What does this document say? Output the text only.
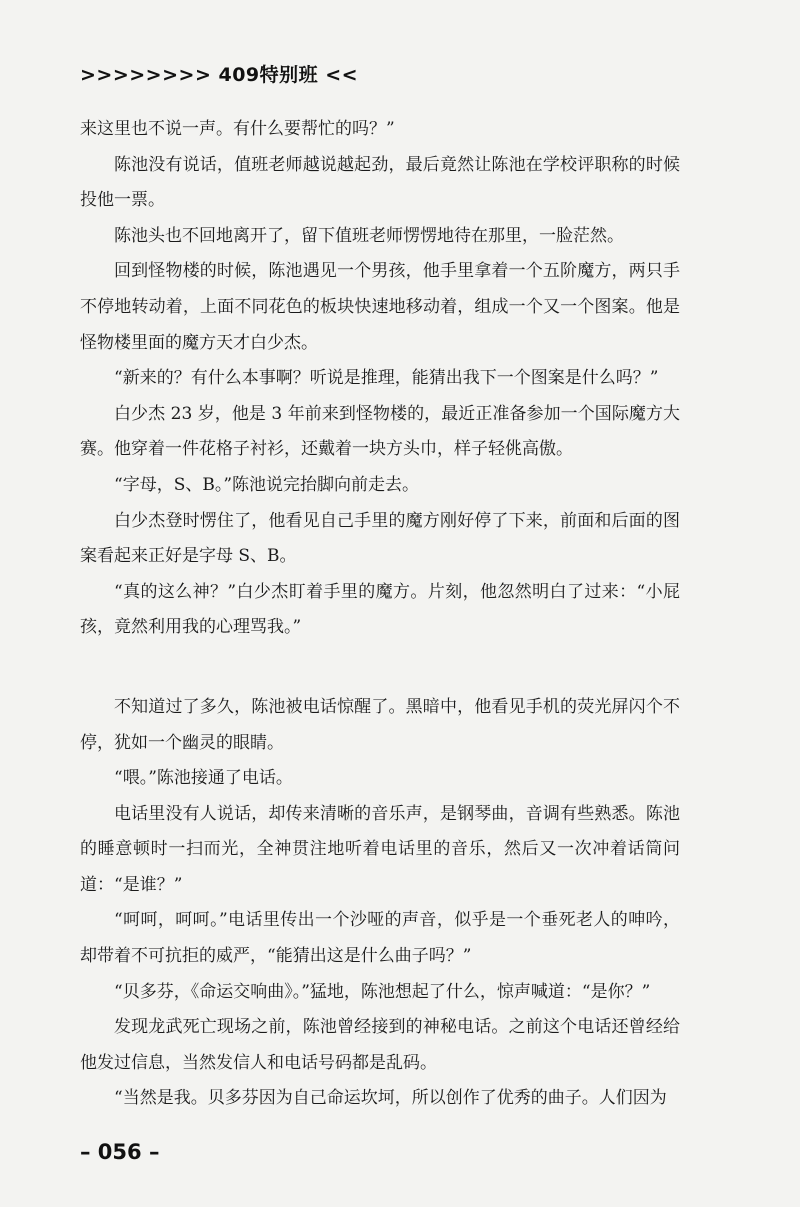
>>>>>>>> 409特别班 <<

来这里也不说一声。有什么要帮忙的吗？”

陈池没有说话，值班老师越说越起劲，最后竟然让陈池在学校评职称的时候投他一票。

陈池头也不回地离开了，留下值班老师愣愣地待在那里，一脸茫然。

回到怪物楼的时候，陈池遇见一个男孩，他手里拿着一个五阶魔方，两只手不停地转动着，上面不同花色的板块快速地移动着，组成一个又一个图案。他是怪物楼里面的魔方天才白少杰。

“新来的？有什么本事啊？听说是推理，能猜出我下一个图案是什么吗？”

白少杰 23 岁，他是 3 年前来到怪物楼的，最近正准备参加一个国际魔方大赛。他穿着一件花格子衬衫，还戴着一块方头巾，样子轻佻高傲。

“字母，S、B。”陈池说完抬脚向前走去。

白少杰登时愣住了，他看见自己手里的魔方刚好停了下来，前面和后面的图案看起来正好是字母 S、B。

“真的这么神？”白少杰盯着手里的魔方。片刻，他忽然明白了过来：“小屁孩，竟然利用我的心理骂我。”

不知道过了多久，陈池被电话惊醒了。黑暗中，他看见手机的荧光屏闪个不停，犹如一个幽灵的眼睛。

“喂。”陈池接通了电话。

电话里没有人说话，却传来清晰的音乐声，是钢琴曲，音调有些熟悉。陈池的睡意顿时一扫而光，全神贯注地听着电话里的音乐，然后又一次冲着话筒问道：“是谁？”

“呵呵，呵呵。”电话里传出一个沙哑的声音，似乎是一个垂死老人的呻吟，却带着不可抗拒的威严，“能猜出这是什么曲子吗？”

“贝多芬，《命运交响曲》。”猛地，陈池想起了什么，惊声喊道：“是你？”

发现龙武死亡现场之前，陈池曾经接到的神秘电话。之前这个电话还曾经给他发过信息，当然发信人和电话号码都是乱码。

“当然是我。贝多芬因为自己命运坎坷，所以创作了优秀的曲子。人们因为

– 056 –
